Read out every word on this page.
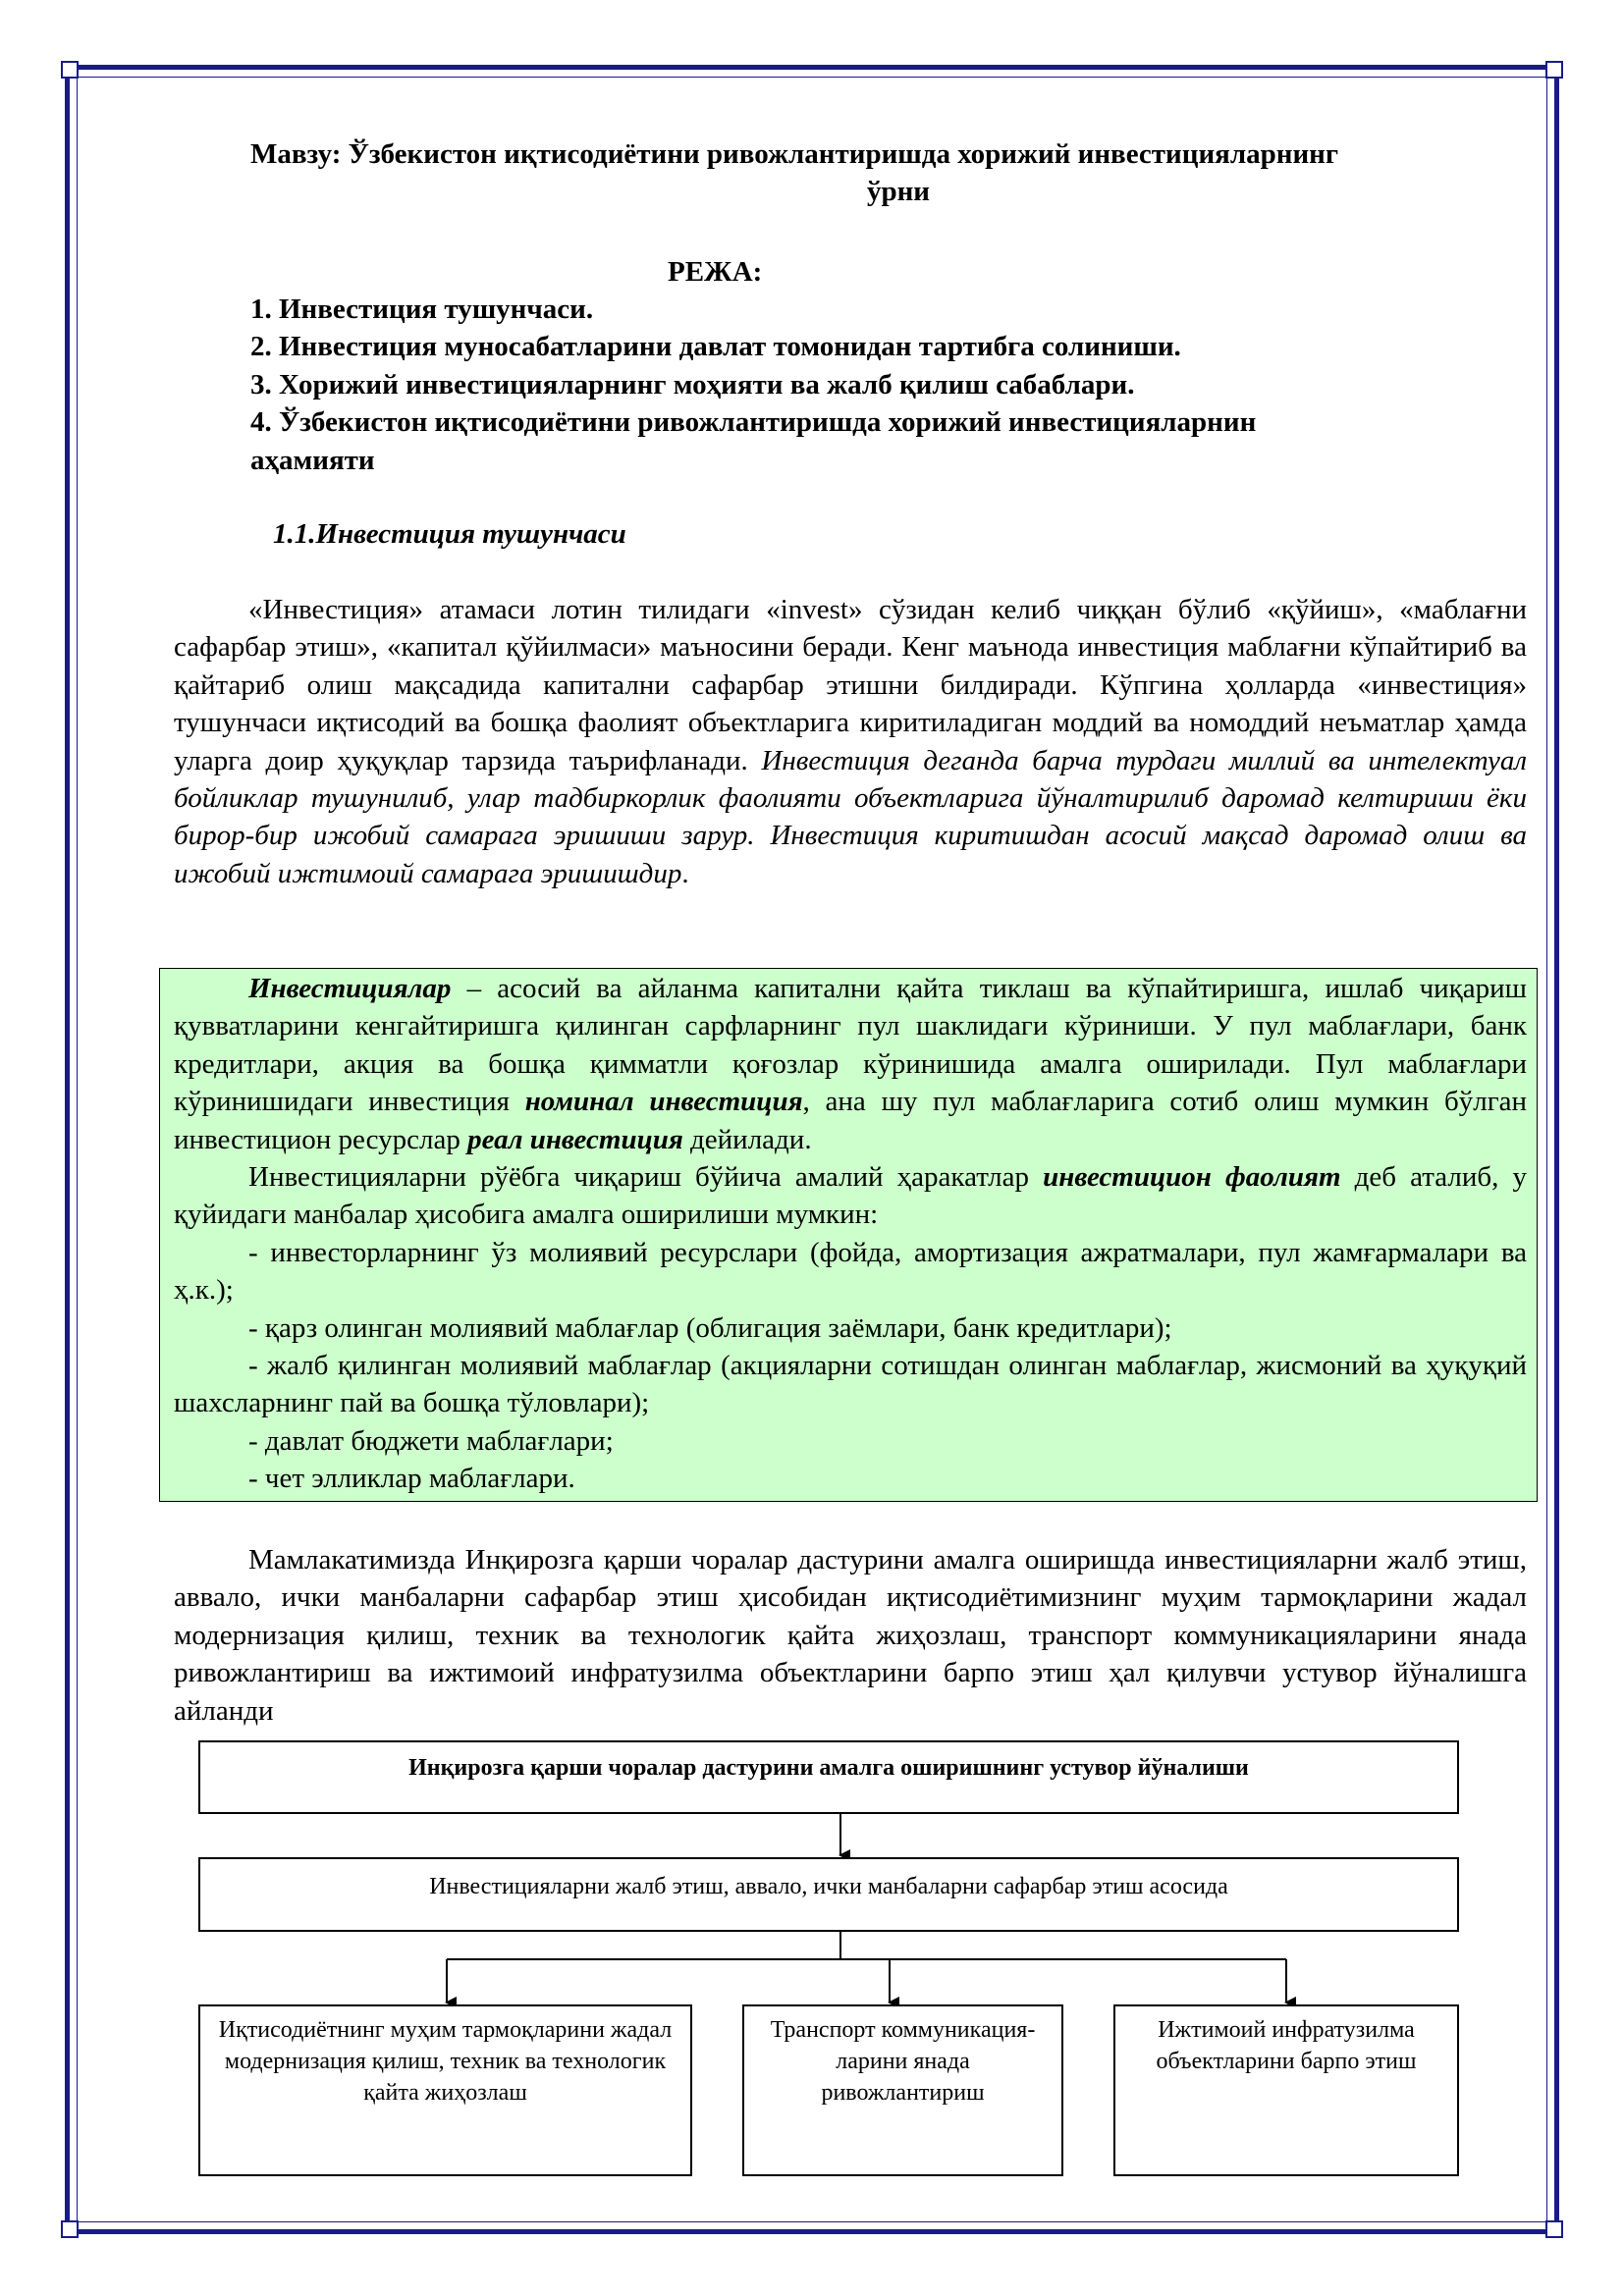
Мавзу: Ўзбекистон иқтисодиётини ривожлантиришда хорижий инвестицияларнинг
ўрни
РЕЖА:
1. Инвестиция тушунчаси.
2. Инвестиция муносабатларини давлат томонидан тартибга солиниши.
3. Хорижий инвестицияларнинг моҳияти ва жалб қилиш сабаблари.
4. Ўзбекистон иқтисодиётини ривожлантиришда хорижий инвестицияларнин
аҳамияти
1.1.Инвестиция тушунчаси

«Инвестиция» атамаси лотин тилидаги «invest» сўзидан келиб чиққан бўлиб «қўйиш», «маблағни сафарбар этиш», «капитал қўйилмаси» маъносини беради. Кенг маънода инвестиция маблағни кўпайтириб ва қайтариб олиш мақсадида капитални сафарбар этишни билдиради. Кўпгина ҳолларда «инвестиция» тушунчаси иқтисодий ва бошқа фаолият объектларига киритиладиган моддий ва номоддий неъматлар ҳамда уларга доир ҳуқуқлар тарзида таърифланади. Инвестиция деганда барча турдаги миллий ва интелектуал бойликлар тушунилиб, улар тадбиркорлик фаолияти объектларига йўналтирилиб даромад келтириши ёки бирор-бир ижобий самарага эришиши зарур. Инвестиция киритишдан асосий мақсад даромад олиш ва ижобий ижтимоий самарага эришишдир.

Инвестициялар – асосий ва айланма капитални қайта тиклаш ва кўпайтиришга, ишлаб чиқариш қувватларини кенгайтиришга қилинган сарфларнинг пул шаклидаги кўриниши. У пул маблағлари, банк кредитлари, акция ва бошқа қимматли қоғозлар кўринишида амалга оширилади. Пул маблағлари кўринишидаги инвестиция номинал инвестиция, ана шу пул маблағларига сотиб олиш мумкин бўлган инвестицион ресурслар реал инвестиция дейилади.

Инвестицияларни рўёбга чиқариш бўйича амалий ҳаракатлар инвестицион фаолият деб аталиб, у қуйидаги манбалар ҳисобига амалга оширилиши мумкин:

- инвесторларнинг ўз молиявий ресурслари (фойда, амортизация ажратмалари, пул жамғармалари ва ҳ.к.);

- қарз олинган молиявий маблағлар (облигация заёмлари, банк кредитлари);

- жалб қилинган молиявий маблағлар (акцияларни сотишдан олинган маблағлар, жисмоний ва ҳуқуқий шахсларнинг пай ва бошқа тўловлари);

- давлат бюджети маблағлари;

- чет элликлар маблағлари.

Мамлакатимизда Инқирозга қарши чоралар дастурини амалга оширишда инвестицияларни жалб этиш, аввало, ички манбаларни сафарбар этиш ҳисобидан иқтисодиётимизнинг муҳим тармоқларини жадал модернизация қилиш, техник ва технологик қайта жиҳозлаш, транспорт коммуникацияларини янада ривожлантириш ва ижтимоий инфратузилма объектларини барпо этиш ҳал қилувчи устувор йўналишга айланди

Инқирозга қарши чоралар дастурини амалга оширишнинг устувор йўналиши
Инвестицияларни жалб этиш, аввало, ички манбаларни сафарбар этиш асосида
Иқтисодиётнинг муҳим тармоқларини жадал модернизация қилиш, техник ва технологик қайта жиҳозлаш
Транспорт коммуникация-ларини янада ривожлантириш
Ижтимоий инфратузилма объектларини барпо этиш
